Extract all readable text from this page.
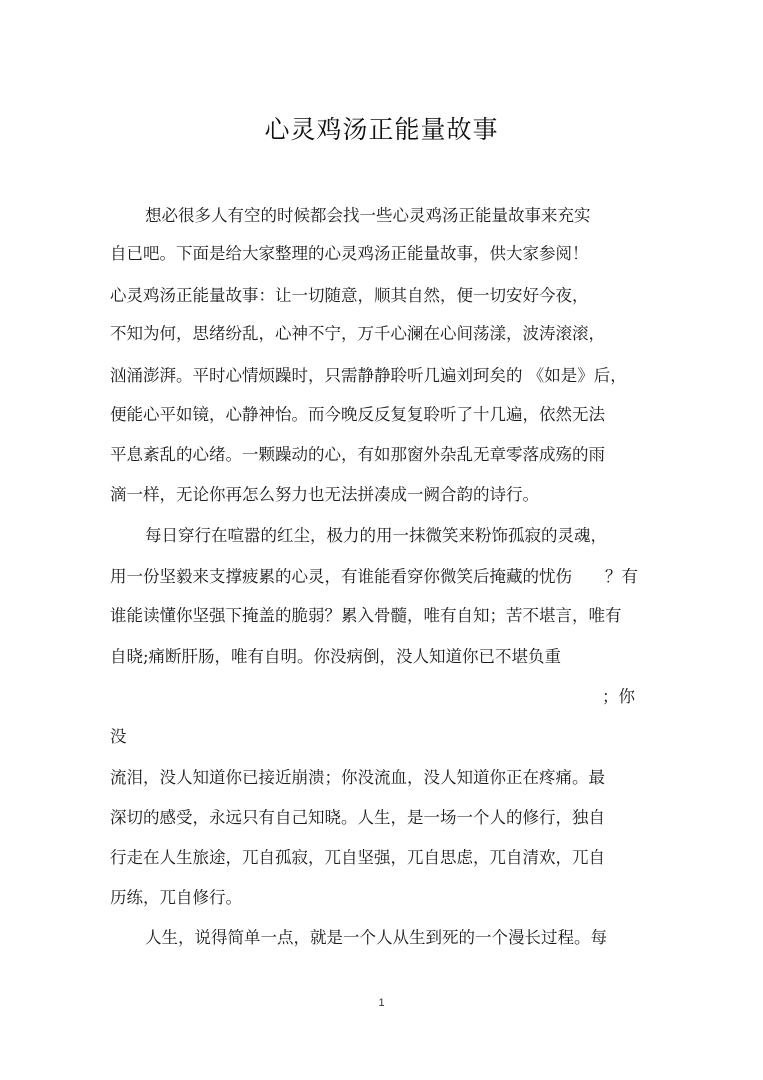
心灵鸡汤正能量故事
想必很多人有空的时候都会找一些心灵鸡汤正能量故事来充实
自已吧。下面是给大家整理的心灵鸡汤正能量故事，供大家参阅！
心灵鸡汤正能量故事：让一切随意，顺其自然，便一切安好今夜，
不知为何，思绪纷乱，心神不宁，万千心澜在心间荡漾，波涛滚滚，
汹涌澎湃。平时心情烦躁时，只需静静聆听几遍刘珂矣的 《如是》后，
便能心平如镜，心静神怡。而今晚反反复复聆听了十几遍，依然无法
平息紊乱的心绪。一颗躁动的心，有如那窗外杂乱无章零落成殇的雨
滴一样，无论你再怎么努力也无法拼凑成一阙合韵的诗行。
每日穿行在喧嚣的红尘，极力的用一抹微笑来粉饰孤寂的灵魂，
用一份坚毅来支撑疲累的心灵，有谁能看穿你微笑后掩藏的忧伤　　？有
谁能读懂你坚强下掩盖的脆弱？累入骨髓，唯有自知；苦不堪言，唯有
自晓;痛断肝肠，唯有自明。你没病倒，没人知道你已不堪负重
；你
没
流泪，没人知道你已接近崩溃；你没流血，没人知道你正在疼痛。最
深切的感受，永远只有自己知晓。人生，是一场一个人的修行，独自
行走在人生旅途，兀自孤寂，兀自坚强，兀自思虑，兀自清欢，兀自
历练，兀自修行。
人生，说得简单一点，就是一个人从生到死的一个漫长过程。每
1
